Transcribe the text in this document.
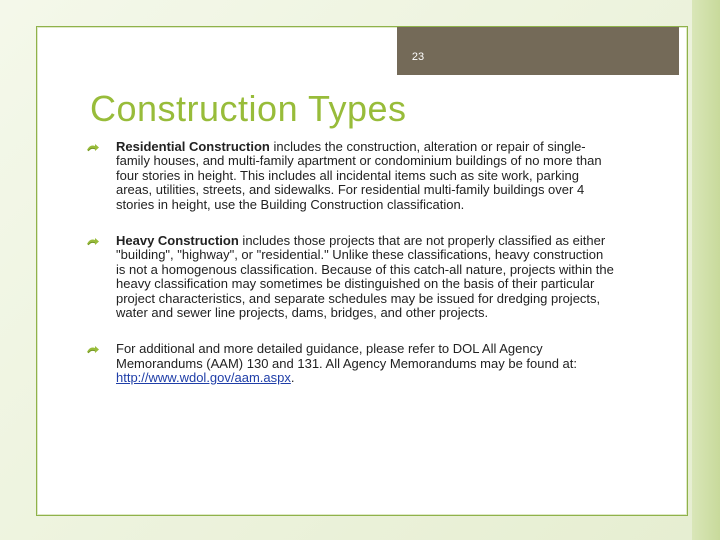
23
Construction Types
Residential Construction includes the construction, alteration or repair of single-family houses, and multi-family apartment or condominium buildings of no more than four stories in height. This includes all incidental items such as site work, parking areas, utilities, streets, and sidewalks. For residential multi-family buildings over 4 stories in height, use the Building Construction classification.
Heavy Construction includes those projects that are not properly classified as either "building", "highway", or "residential." Unlike these classifications, heavy construction is not a homogenous classification. Because of this catch-all nature, projects within the heavy classification may sometimes be distinguished on the basis of their particular project characteristics, and separate schedules may be issued for dredging projects, water and sewer line projects, dams, bridges, and other projects.
For additional and more detailed guidance, please refer to DOL All Agency Memorandums (AAM) 130 and 131. All Agency Memorandums may be found at: http://www.wdol.gov/aam.aspx.
